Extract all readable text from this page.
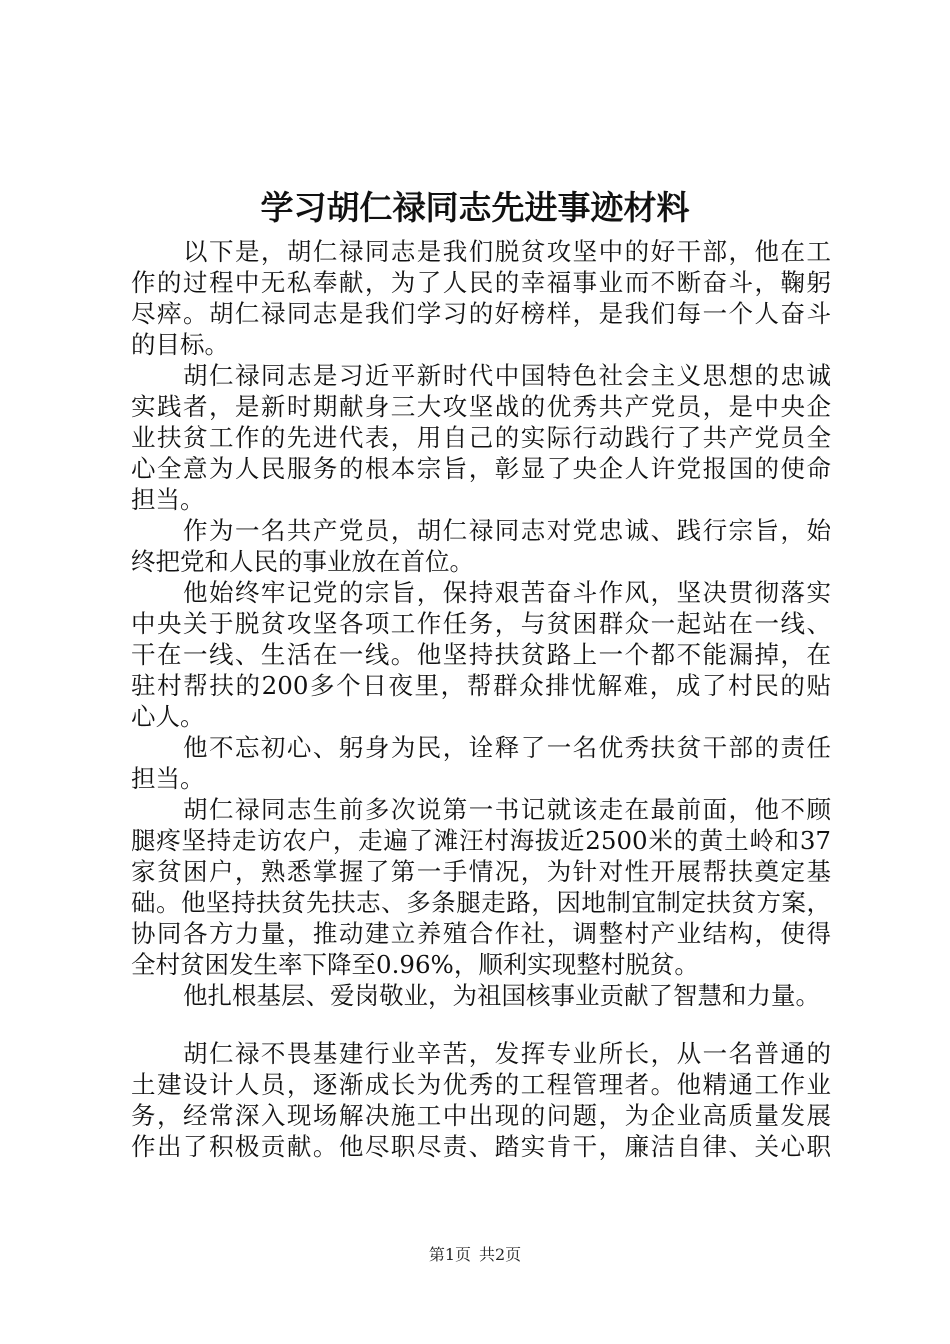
学习胡仁禄同志先进事迹材料
以下是，胡仁禄同志是我们脱贫攻坚中的好干部，他在工
作的过程中无私奉献，为了人民的幸福事业而不断奋斗，鞠躬
尽瘁。胡仁禄同志是我们学习的好榜样，是我们每一个人奋斗
的目标。
胡仁禄同志是习近平新时代中国特色社会主义思想的忠诚
实践者，是新时期献身三大攻坚战的优秀共产党员，是中央企
业扶贫工作的先进代表，用自己的实际行动践行了共产党员全
心全意为人民服务的根本宗旨，彰显了央企人许党报国的使命
担当。
作为一名共产党员，胡仁禄同志对党忠诚、践行宗旨，始
终把党和人民的事业放在首位。
他始终牢记党的宗旨，保持艰苦奋斗作风，坚决贯彻落实
中央关于脱贫攻坚各项工作任务，与贫困群众一起站在一线、
干在一线、生活在一线。他坚持扶贫路上一个都不能漏掉，在
驻村帮扶的200多个日夜里，帮群众排忧解难，成了村民的贴
心人。
他不忘初心、躬身为民，诠释了一名优秀扶贫干部的责任
担当。
胡仁禄同志生前多次说第一书记就该走在最前面，他不顾
腿疼坚持走访农户，走遍了滩汪村海拔近2500米的黄土岭和37
家贫困户，熟悉掌握了第一手情况，为针对性开展帮扶奠定基
础。他坚持扶贫先扶志、多条腿走路，因地制宜制定扶贫方案，
协同各方力量，推动建立养殖合作社，调整村产业结构，使得
全村贫困发生率下降至0.96%，顺利实现整村脱贫。
他扎根基层、爱岗敬业，为祖国核事业贡献了智慧和力量。
胡仁禄不畏基建行业辛苦，发挥专业所长，从一名普通的
土建设计人员，逐渐成长为优秀的工程管理者。他精通工作业
务，经常深入现场解决施工中出现的问题，为企业高质量发展
作出了积极贡献。他尽职尽责、踏实肯干，廉洁自律、关心职
第1页 共2页
